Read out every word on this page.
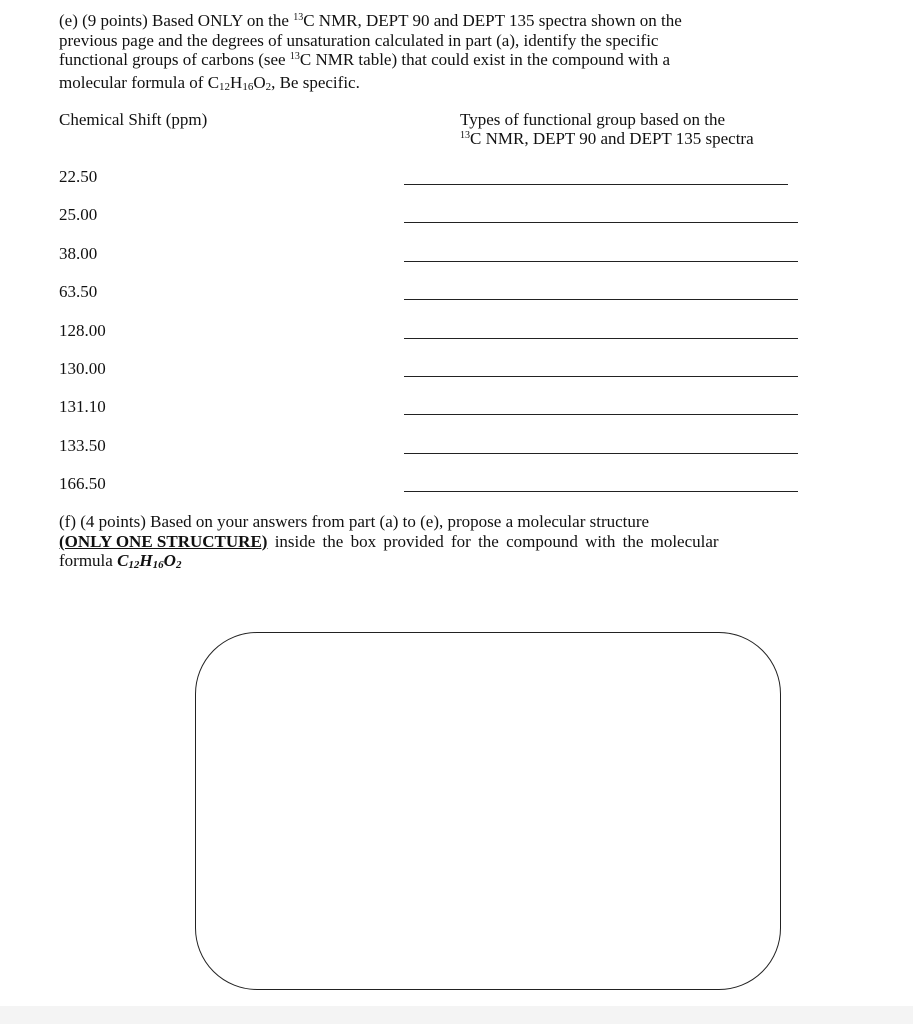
(e) (9 points) Based ONLY on the $^{13}$C NMR, DEPT 90 and DEPT 135 spectra shown on the
previous page and the degrees of unsaturation calculated in part (a), identify the specific
functional groups of carbons (see $^{13}$C NMR table) that could exist in the compound with a
molecular formula of $C_{12}H_{16}O_2$, Be specific.
Chemical Shift (ppm)	Types of functional group based on the
$^{13}$C NMR, DEPT 90 and DEPT 135 spectra
22.50
25.00
38.00
63.50
128.00
130.00
131.10
133.50
166.50
(f) (4 points) Based on your answers from part (a) to (e), propose a molecular structure
(ONLY ONE STRUCTURE) inside the box provided for the compound with the molecular
formula $C_{12}H_{16}O_2$
